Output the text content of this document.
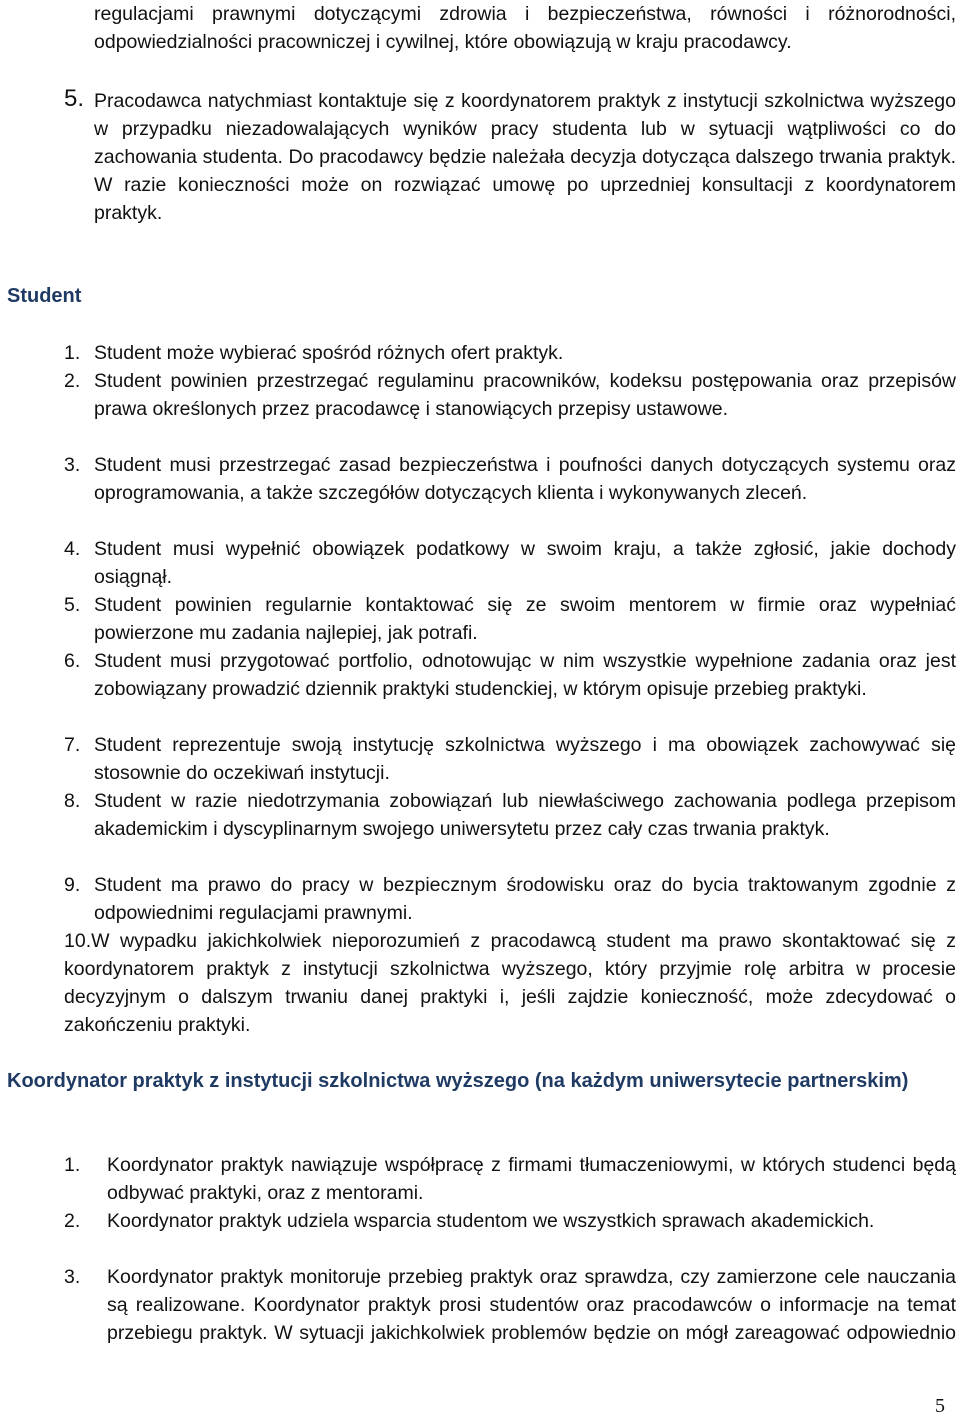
regulacjami prawnymi dotyczącymi zdrowia i bezpieczeństwa, równości i różnorodności, odpowiedzialności pracowniczej i cywilnej, które obowiązują w kraju pracodawcy.
5. Pracodawca natychmiast kontaktuje się z koordynatorem praktyk z instytucji szkolnictwa wyższego w przypadku niezadowalających wyników pracy studenta lub w sytuacji wątpliwości co do zachowania studenta. Do pracodawcy będzie należała decyzja dotycząca dalszego trwania praktyk. W razie konieczności może on rozwiązać umowę po uprzedniej konsultacji z koordynatorem praktyk.
Student
1. Student może wybierać spośród różnych ofert praktyk.
2. Student powinien przestrzegać regulaminu pracowników, kodeksu postępowania oraz przepisów prawa określonych przez pracodawcę i stanowiących przepisy ustawowe.
3. Student musi przestrzegać zasad bezpieczeństwa i poufności danych dotyczących systemu oraz oprogramowania, a także szczegółów dotyczących klienta i wykonywanych zleceń.
4. Student musi wypełnić obowiązek podatkowy w swoim kraju, a także zgłosić, jakie dochody osiągnął.
5. Student powinien regularnie kontaktować się ze swoim mentorem w firmie oraz wypełniać powierzone mu zadania najlepiej, jak potrafi.
6. Student musi przygotować portfolio, odnotowując w nim wszystkie wypełnione zadania oraz jest zobowiązany prowadzić dziennik praktyki studenckiej, w którym opisuje przebieg praktyki.
7. Student reprezentuje swoją instytucję szkolnictwa wyższego i ma obowiązek zachowywać się stosownie do oczekiwań instytucji.
8. Student w razie niedotrzymania zobowiązań lub niewłaściwego zachowania podlega przepisom akademickim i dyscyplinarnym swojego uniwersytetu przez cały czas trwania praktyk.
9. Student ma prawo do pracy w bezpiecznym środowisku oraz do bycia traktowanym zgodnie z odpowiednimi regulacjami prawnymi.
10.W wypadku jakichkolwiek nieporozumień z pracodawcą student ma prawo skontaktować się z koordynatorem praktyk z instytucji szkolnictwa wyższego, który przyjmie rolę arbitra w procesie decyzyjnym o dalszym trwaniu danej praktyki i, jeśli zajdzie konieczność, może zdecydować o zakończeniu praktyki.
Koordynator praktyk z instytucji szkolnictwa wyższego (na każdym uniwersytecie partnerskim)
1. Koordynator praktyk nawiązuje współpracę z firmami tłumaczeniowymi, w których studenci będą odbywać praktyki, oraz z mentorami.
2. Koordynator praktyk udziela wsparcia studentom we wszystkich sprawach akademickich.
3. Koordynator praktyk monitoruje przebieg praktyk oraz sprawdza, czy zamierzone cele nauczania są realizowane. Koordynator praktyk prosi studentów oraz pracodawców o informacje na temat przebiegu praktyk. W sytuacji jakichkolwiek problemów będzie on mógł zareagować odpowiednio
5
